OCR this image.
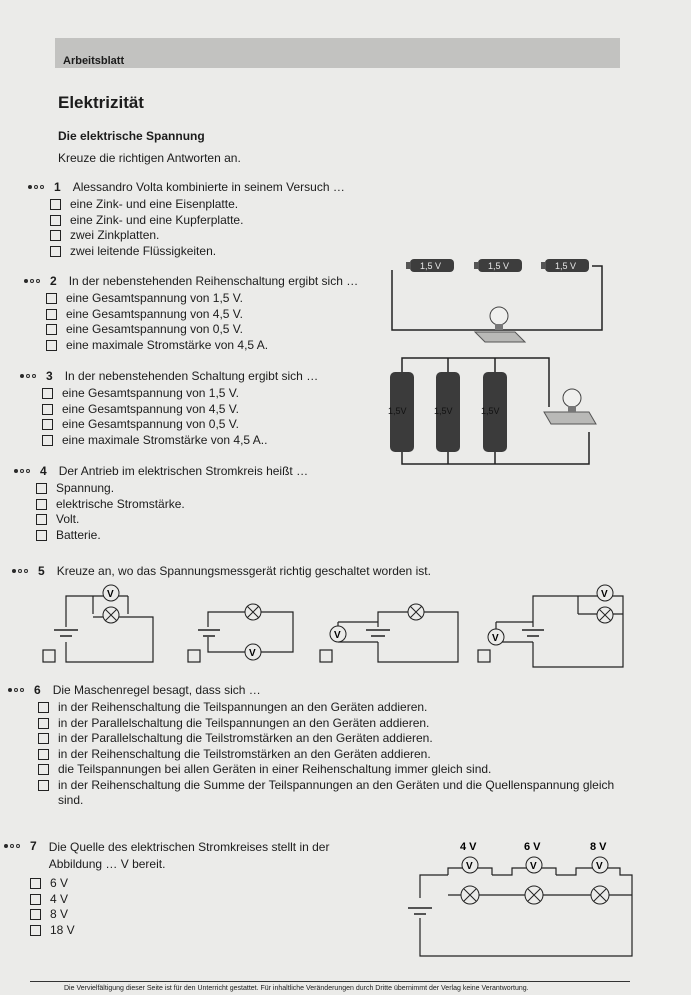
Arbeitsblatt
Elektrizität
Die elektrische Spannung
Kreuze die richtigen Antworten an.
1 Alessandro Volta kombinierte in seinem Versuch …
eine Zink- und eine Eisenplatte.
eine Zink- und eine Kupferplatte.
zwei Zinkplatten.
zwei leitende Flüssigkeiten.
2 In der nebenstehenden Reihenschaltung ergibt sich …
eine Gesamtspannung von 1,5 V.
eine Gesamtspannung von 4,5 V.
eine Gesamtspannung von 0,5 V.
eine maximale Stromstärke von 4,5 A.
3 In der nebenstehenden Schaltung ergibt sich …
eine Gesamtspannung von 1,5 V.
eine Gesamtspannung von 4,5 V.
eine Gesamtspannung von 0,5 V.
eine maximale Stromstärke von 4,5 A..
4 Der Antrieb im elektrischen Stromkreis heißt …
Spannung.
elektrische Stromstärke.
Volt.
Batterie.
5 Kreuze an, wo das Spannungsmessgerät richtig geschaltet worden ist.
6 Die Maschenregel besagt, dass sich …
in der Reihenschaltung die Teilspannungen an den Geräten addieren.
in der Parallelschaltung die Teilspannungen an den Geräten addieren.
in der Parallelschaltung die Teilstromstärken an den Geräten addieren.
in der Reihenschaltung die Teilstromstärken an den Geräten addieren.
die Teilspannungen bei allen Geräten in einer Reihenschaltung immer gleich sind.
in der Reihenschaltung die Summe der Teilspannungen an den Geräten und die Quellenspannung gleich sind.
7 Die Quelle des elektrischen Stromkreises stellt in der Abbildung … V bereit.
6 V
4 V
8 V
18 V
1,5 V	1,5 V	1,5 V
1,5V	1,5V	1,5V
V
V
V
V
V
4 V	6 V	8 V
V	V	V
Die Vervielfältigung dieser Seite ist für den Unterricht gestattet. Für inhaltliche Veränderungen durch Dritte übernimmt der Verlag keine Verantwortung.
